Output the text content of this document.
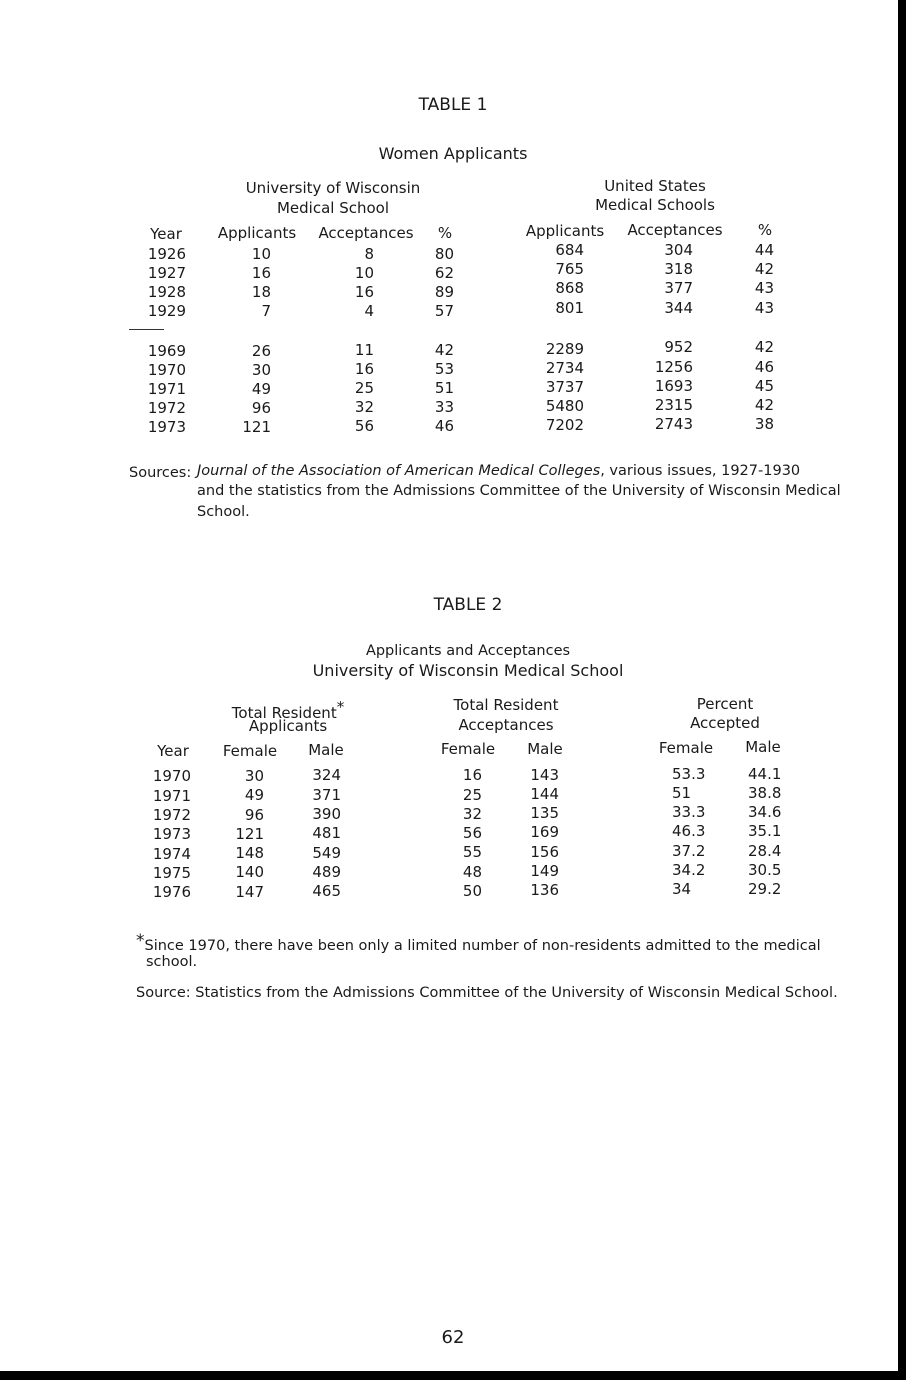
TABLE 1
Women Applicants
University of Wisconsin
Medical School
United States
Medical Schools
Year	Applicants	Acceptances	%	Applicants	Acceptances	%
1926	10	8	80	684	304	44
1927	16	10	62	765	318	42
1928	18	16	89	868	377	43
1929	7	4	57	801	344	43
1969	26	11	42	2289	952	42
1970	30	16	53	2734	1256	46
1971	49	25	51	3737	1693	45
1972	96	32	33	5480	2315	42
1973	121	56	46	7202	2743	38
Sources: Journal of the Association of American Medical Colleges, various issues, 1927-1930
and the statistics from the Admissions Committee of the University of Wisconsin Medical
School.
TABLE 2
Applicants and Acceptances
University of Wisconsin Medical School
Total Resident*
Applicants
Total Resident
Acceptances
Percent
Accepted
Year	Female	Male	Female	Male	Female	Male
1970	30	324	16	143	53.3	44.1
1971	49	371	25	144	51	38.8
1972	96	390	32	135	33.3	34.6
1973	121	481	56	169	46.3	35.1
1974	148	549	55	156	37.2	28.4
1975	140	489	48	149	34.2	30.5
1976	147	465	50	136	34	29.2
*Since 1970, there have been only a limited number of non-residents admitted to the medical
school.
Source: Statistics from the Admissions Committee of the University of Wisconsin Medical School.
62
